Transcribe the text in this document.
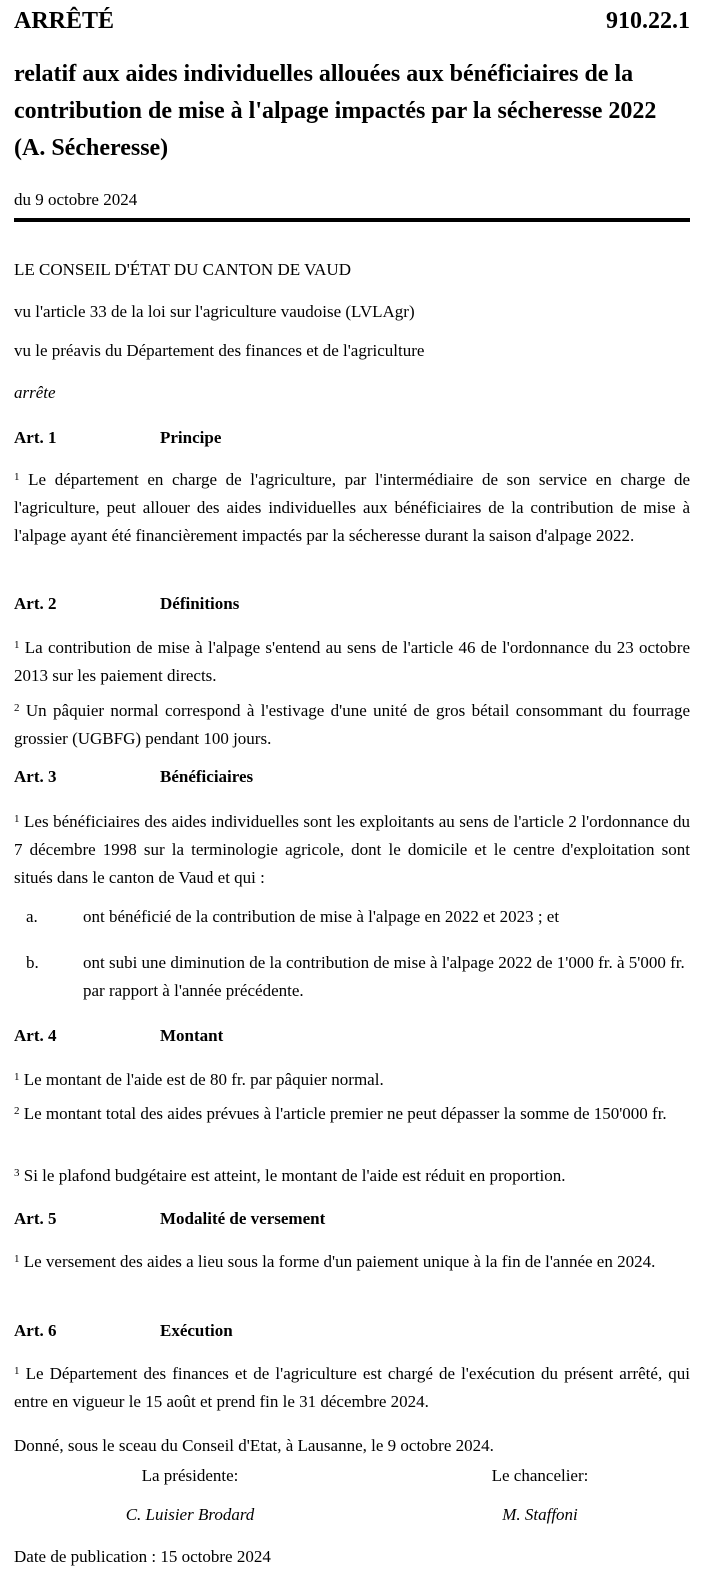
ARRÊTÉ	910.22.1
relatif aux aides individuelles allouées aux bénéficiaires de la contribution de mise à l'alpage impactés par la sécheresse 2022 (A. Sécheresse)
du 9 octobre 2024
LE CONSEIL D'ÉTAT DU CANTON DE VAUD
vu l'article 33 de la loi sur l'agriculture vaudoise (LVLAgr)
vu le préavis du Département des finances et de l'agriculture
arrête
Art. 1	Principe
$^1$ Le département en charge de l'agriculture, par l'intermédiaire de son service en charge de l'agriculture, peut allouer des aides individuelles aux bénéficiaires de la contribution de mise à l'alpage ayant été financièrement impactés par la sécheresse durant la saison d'alpage 2022.
Art. 2	Définitions
$^1$ La contribution de mise à l'alpage s'entend au sens de l'article 46 de l'ordonnance du 23 octobre 2013 sur les paiement directs.
$^2$ Un pâquier normal correspond à l'estivage d'une unité de gros bétail consommant du fourrage grossier (UGBFG) pendant 100 jours.
Art. 3	Bénéficiaires
$^1$ Les bénéficiaires des aides individuelles sont les exploitants au sens de l'article 2 l'ordonnance du 7 décembre 1998 sur la terminologie agricole, dont le domicile et le centre d'exploitation sont situés dans le canton de Vaud et qui :
a.	ont bénéficié de la contribution de mise à l'alpage en 2022 et 2023 ; et
b.	ont subi une diminution de la contribution de mise à l'alpage 2022 de 1'000 fr. à 5'000 fr. par rapport à l'année précédente.
Art. 4	Montant
$^1$ Le montant de l'aide est de 80 fr. par pâquier normal.
$^2$ Le montant total des aides prévues à l'article premier ne peut dépasser la somme de 150'000 fr.
$^3$ Si le plafond budgétaire est atteint, le montant de l'aide est réduit en proportion.
Art. 5	Modalité de versement
$^1$ Le versement des aides a lieu sous la forme d'un paiement unique à la fin de l'année en 2024.
Art. 6	Exécution
$^1$ Le Département des finances et de l'agriculture est chargé de l'exécution du présent arrêté, qui entre en vigueur le 15 août et prend fin le 31 décembre 2024.
Donné, sous le sceau du Conseil d'Etat, à Lausanne, le 9 octobre 2024.
La présidente:
C. Luisier Brodard
Le chancelier:
M. Staffoni
Date de publication : 15 octobre 2024
